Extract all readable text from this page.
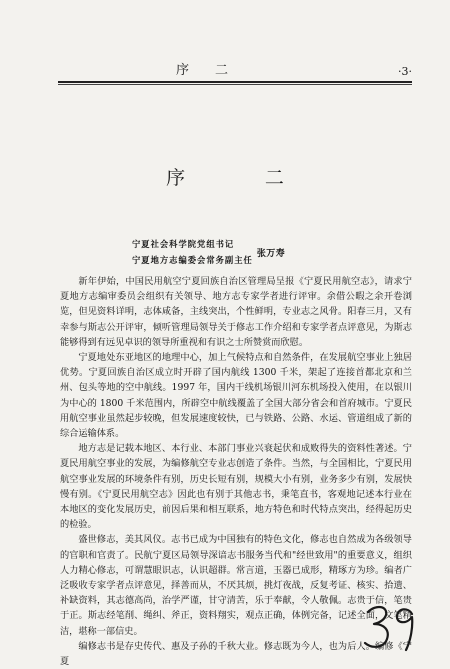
序　二	·3·
序　二
宁夏社会科学院党组书记
宁夏地方志编委会常务副主任
张万寿

新年伊始，中国民用航空宁夏回族自治区管理局呈报《宁夏民用航空志》，请求宁夏地方志编审委员会组织有关领导、地方志专家学者进行评审。余借公暇之余开卷浏览，但见资料详明，志体咸备，主线突出，个性鲜明，专业志之风骨。阳春三月，又有幸参与斯志公开评审，倾听管理局领导关于修志工作介绍和专家学者点评意见，为斯志能够得到有远见卓识的领导所重视和有识之士所赞赏而欣慰。

宁夏地处东亚地区的地理中心，加上气候特点和自然条件，在发展航空事业上独居优势。宁夏回族自治区成立时开辟了国内航线 1300 千米，架起了连接首都北京和兰州、包头等地的空中航线。1997 年，国内干线机场银川河东机场投入使用，在以银川为中心的 1800 千米范围内，所辟空中航线覆盖了全国大部分省会和首府城市。宁夏民用航空事业虽然起步较晚，但发展速度较快，已与铁路、公路、水运、管道组成了新的综合运输体系。

地方志是记载本地区、本行业、本部门事业兴衰起伏和成败得失的资料性著述。宁夏民用航空事业的发展，为编修航空专业志创造了条件。当然，与全国相比，宁夏民用航空事业发展的环境条件有别，历史长短有别，规模大小有别，业务多少有别，发展快慢有别。《宁夏民用航空志》因此也有别于其他志书，秉笔直书，客观地记述本行业在本地区的变化发展历史，前因后果和相互联系，地方特色和时代特点突出，经得起历史的检验。

盛世修志，美其风仪。志书已成为中国独有的特色文化，修志也自然成为各级领导的官职和官责了。民航宁夏区局领导深谙志书服务当代和"经世致用"的重要意义，组织人力精心修志，可谓慧眼识志，认识超群。常言道，玉器已成形，精琢方为珍。编者广泛吸收专家学者点评意见，择善而从，不厌其烦，挑灯夜战，反复考证、核实、拾遗、补缺资料，其志德高尚，治学严谨，甘守清苦，乐于奉献，令人敬佩。志贵于信，笔贵于正。斯志经笔削、绳纠、斧正，资料翔实，观点正确，体例完备，记述全面，文笔精洁，堪称一部信史。

编修志书是存史传代、惠及子孙的千秋大业。修志既为今人，也为后人。编修《宁夏
